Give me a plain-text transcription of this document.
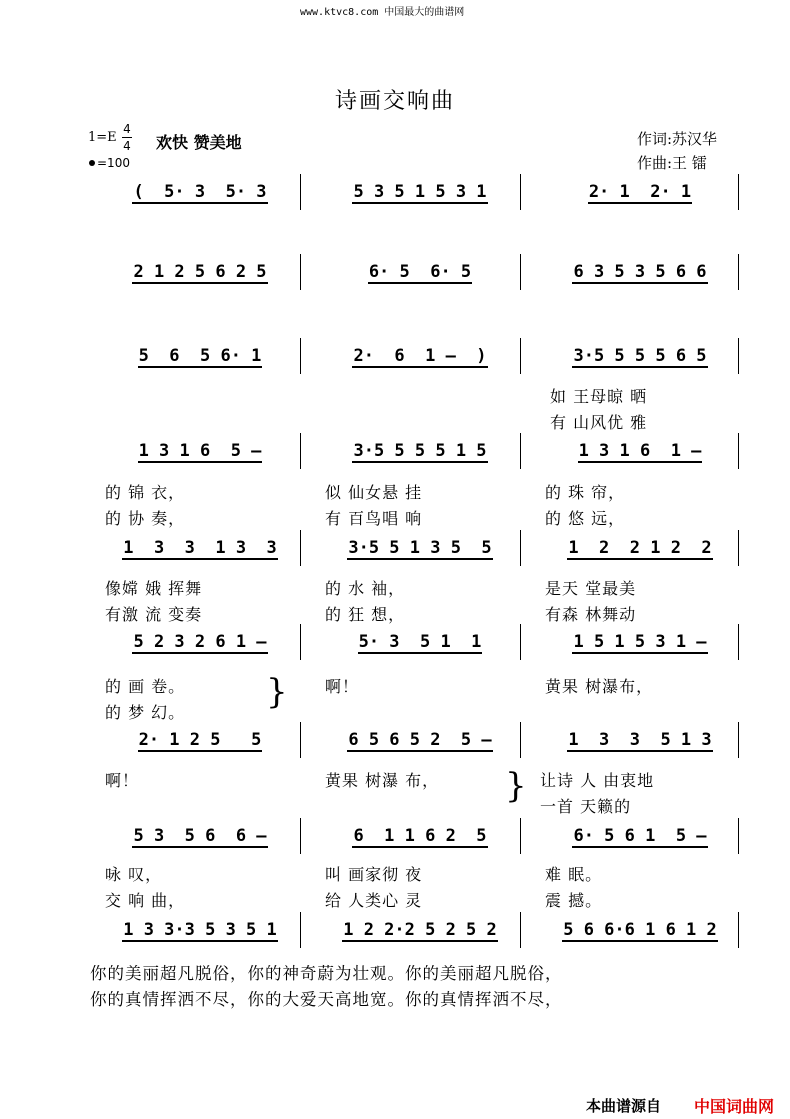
www.ktvc8.com 中国最大的曲谱网
诗画交响曲
1=E
4
4 欢快 赞美地
=100
作词:苏汉华
作曲:王 镭
(  5· 3  5· 3	5 3 5 1 5 3 1	2· 1  2· 1
2 1 2 5 6 2 5	6· 5  6· 5	6 3 5 3 5 6 6
5  6  5 6· 1	2·  6  1 –  )	3·5 5 5 5 6 5
1 3 1 6  5 –	3·5 5 5 5 1 5	1 3 1 6  1 –
1  3  3  1 3  3	3·5 5 1 3 5  5	1  2  2 1 2  2
5 2 3 2 6 1 –	5· 3  5 1  1	1 5 1 5 3 1 –
2· 1 2 5   5	6 5 6 5 2  5 –	1  3  3  5 1 3
5 3  5 6  6 –	6  1 1 6 2  5	6· 5 6 1  5 –
1 3 3·3 5 3 5 1	1 2 2·2 5 2 5 2	5 6 6·6 1 6 1 2
如 王母晾 晒
有 山风优 雅
的 锦 衣，	似 仙女悬 挂	的 珠 帘，
的 协 奏，	有 百鸟唱 响	的 悠 远，
像嫦 娥 挥舞	的 水 袖，	是天 堂最美
有激 流 变奏	的 狂 想，	有森 林舞动
的 画 卷。	啊！	黄果 树瀑布，
的 梦 幻。
}
啊！	黄果 树瀑 布，	让诗 人 由衷地
一首 天籁的
}
咏 叹，	叫 画家彻 夜	难 眠。
交 响 曲，	给 人类心 灵	震 撼。
你的美丽超凡脱俗，你的神奇蔚为壮观。你的美丽超凡脱俗，
你的真情挥洒不尽，你的大爱天高地宽。你的真情挥洒不尽，
本曲谱源自 中国词曲网
